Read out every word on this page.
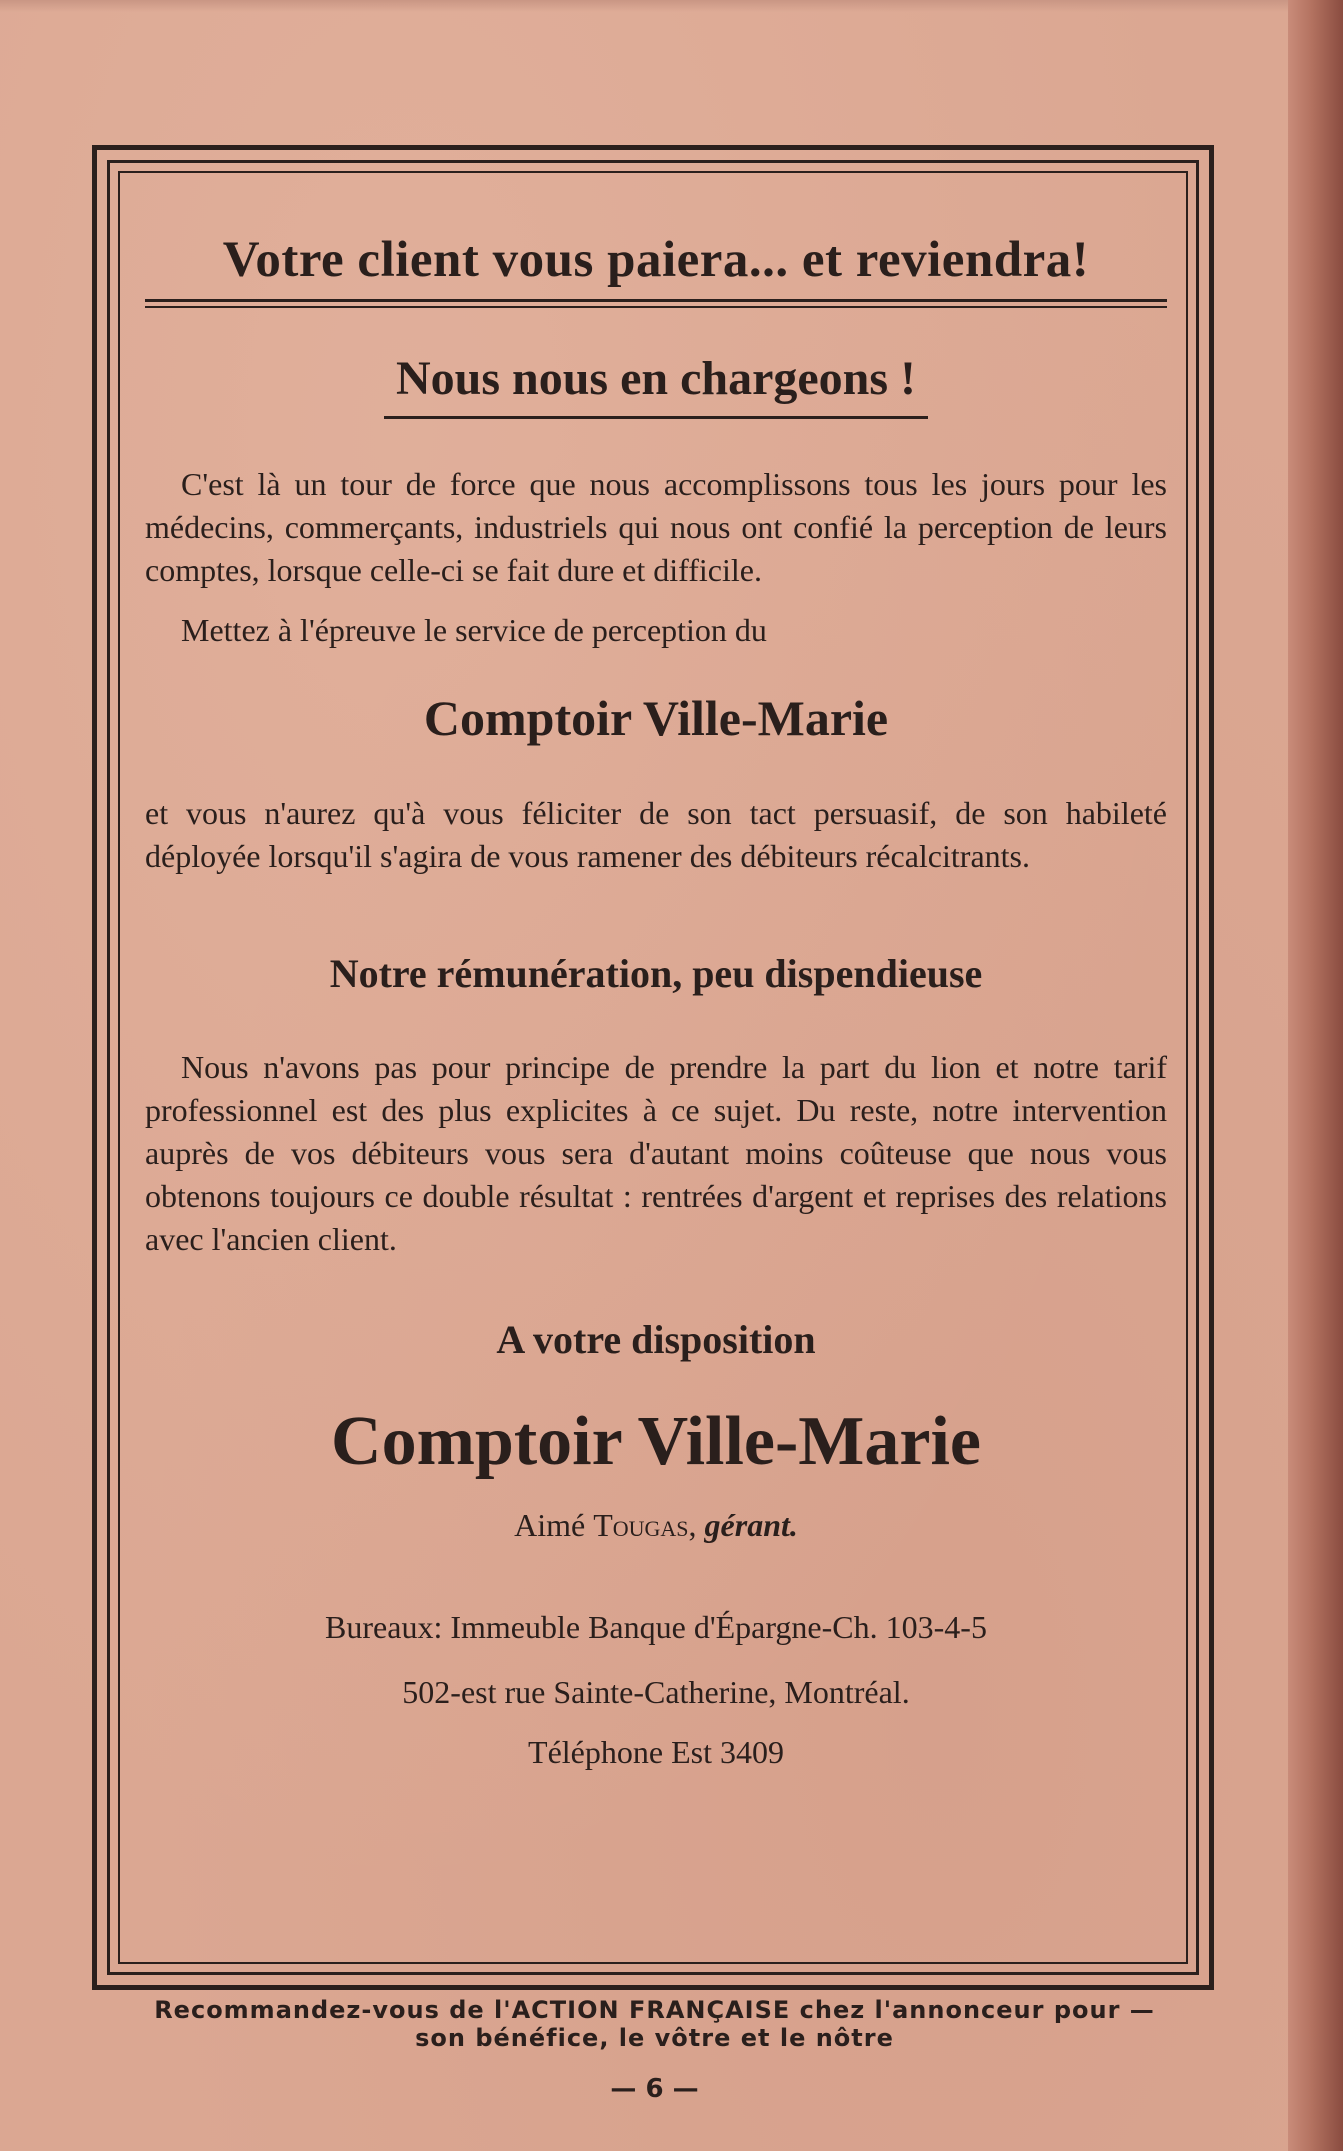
Votre client vous paiera... et reviendra!
Nous nous en chargeons !

C'est là un tour de force que nous accomplissons tous les jours pour les médecins, commerçants, industriels qui nous ont confié la perception de leurs comptes, lorsque celle-ci se fait dure et difficile.

Mettez à l'épreuve le service de perception du

Comptoir Ville-Marie

et vous n'aurez qu'à vous féliciter de son tact persuasif, de son habileté déployée lorsqu'il s'agira de vous ramener des débiteurs récalcitrants.

Notre rémunération, peu dispendieuse

Nous n'avons pas pour principe de prendre la part du lion et notre tarif professionnel est des plus explicites à ce sujet. Du reste, notre intervention auprès de vos débiteurs vous sera d'autant moins coûteuse que nous vous obtenons toujours ce double résultat : rentrées d'argent et reprises des relations avec l'ancien client.

A votre disposition
Comptoir Ville-Marie
Aimé Tougas, gérant.
Bureaux: Immeuble Banque d'Épargne-Ch. 103-4-5
502-est rue Sainte-Catherine, Montréal.
Téléphone Est 3409
Recommandez-vous de l'ACTION FRANÇAISE chez l'annonceur pour —
son bénéfice, le vôtre et le nôtre
— 6 —
